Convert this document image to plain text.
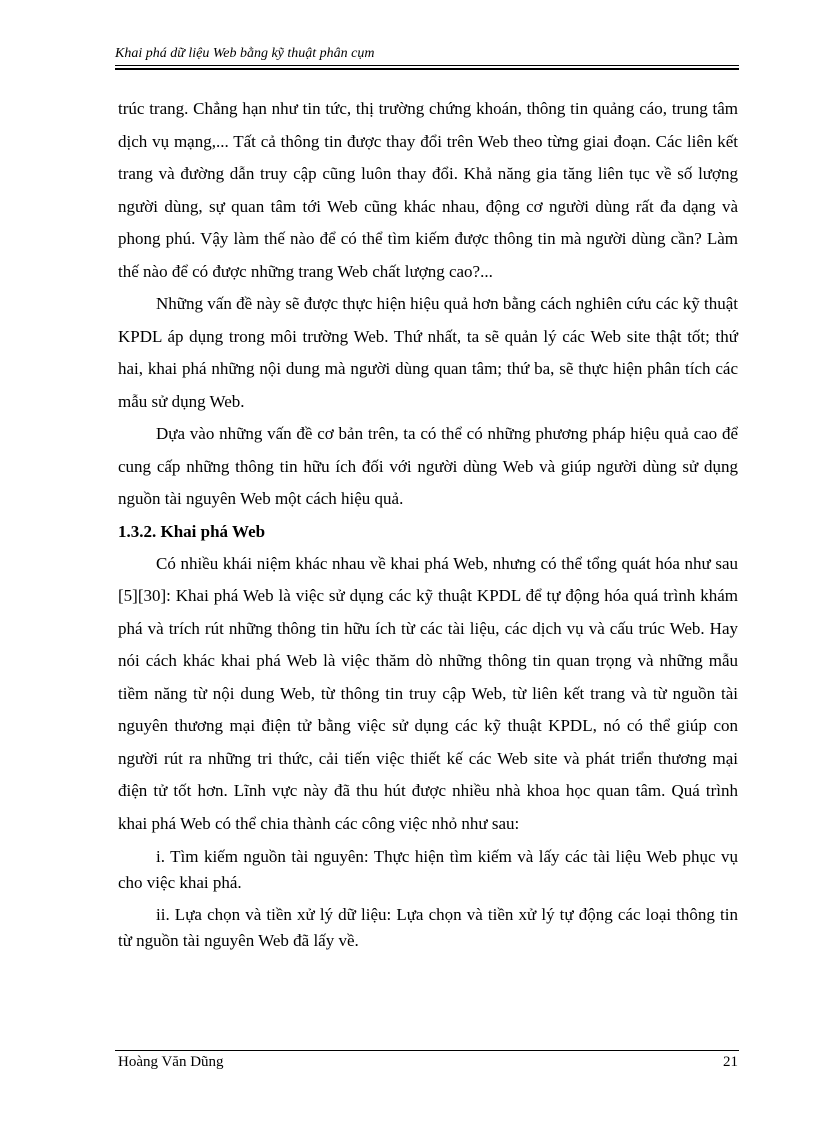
Khai phá dữ liệu Web bằng kỹ thuật phân cụm

trúc trang. Chẳng hạn như tin tức, thị trường chứng khoán, thông tin quảng cáo, trung tâm dịch vụ mạng,... Tất cả thông tin được thay đổi trên Web theo từng giai đoạn. Các liên kết trang và đường dẫn truy cập cũng luôn thay đổi. Khả năng gia tăng liên tục về số lượng người dùng, sự quan tâm tới Web cũng khác nhau, động cơ người dùng rất đa dạng và phong phú. Vậy làm thế nào để có thể tìm kiếm được thông tin mà người dùng cần? Làm thế nào để có được những trang Web chất lượng cao?...

Những vấn đề này sẽ được thực hiện hiệu quả hơn bằng cách nghiên cứu các kỹ thuật KPDL áp dụng trong môi trường Web. Thứ nhất, ta sẽ quản lý các Web site thật tốt; thứ hai, khai phá những nội dung mà người dùng quan tâm; thứ ba, sẽ thực hiện phân tích các mẫu sử dụng Web.

Dựa vào những vấn đề cơ bản trên, ta có thể có những phương pháp hiệu quả cao để cung cấp những thông tin hữu ích đối với người dùng Web và giúp người dùng sử dụng nguồn tài nguyên Web một cách hiệu quả.

1.3.2. Khai phá Web

Có nhiều khái niệm khác nhau về khai phá Web, nhưng có thể tổng quát hóa như sau [5][30]: Khai phá Web là việc sử dụng các kỹ thuật KPDL để tự động hóa quá trình khám phá và trích rút những thông tin hữu ích từ các tài liệu, các dịch vụ và cấu trúc Web. Hay nói cách khác khai phá Web là việc thăm dò những thông tin quan trọng và những mẫu tiềm năng từ nội dung Web, từ thông tin truy cập Web, từ liên kết trang và từ nguồn tài nguyên thương mại điện tử bằng việc sử dụng các kỹ thuật KPDL, nó có thể giúp con người rút ra những tri thức, cải tiến việc thiết kế các Web site và phát triển thương mại điện tử tốt hơn. Lĩnh vực này đã thu hút được nhiều nhà khoa học quan tâm. Quá trình khai phá Web có thể chia thành các công việc nhỏ như sau:

i. Tìm kiếm nguồn tài nguyên: Thực hiện tìm kiếm và lấy các tài liệu Web phục vụ cho việc khai phá.

ii. Lựa chọn và tiền xử lý dữ liệu: Lựa chọn và tiền xử lý tự động các loại thông tin từ nguồn tài nguyên Web đã lấy về.

Hoàng Văn Dũng	21
